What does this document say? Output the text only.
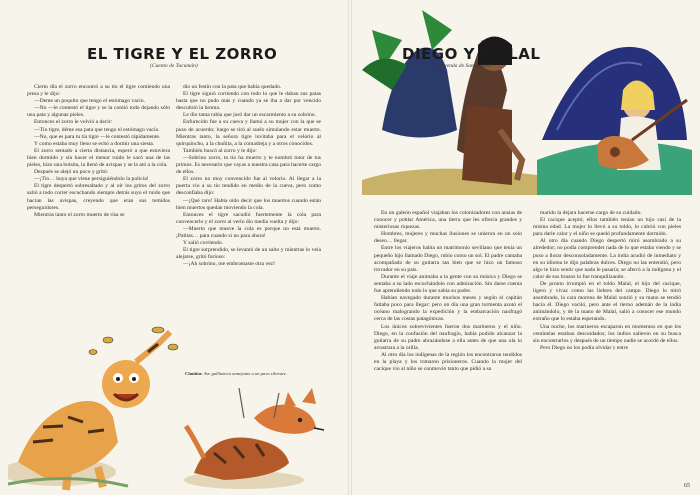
EL TIGRE Y EL ZORRO
(Cuento de Tucumán)

Cierto día el zorro encontró a su tío el tigre comiendo una presa y le dijo:

—Deme un poquito que tengo el estómago vacío.

—No —le contestó el tigre y se la comió todo dejando sólo una pata y algunas pieles.

Entonces el zorro le volvió a decir:

—Tío tigre, déme esa pata que tengo el estómago vacío.

—No, que es para tu tía tigre —le contestó rápidamente.

Y como estaba muy lleno se echó a dormir una siesta.

El zorro sentado a cierta distancia, esperó a que estuviera bien dormido y sin hacer el menor ruido le sacó una de las pieles, hizo una bolsita, la llenó de avispas y se la ató a la cola.

Después se alejó un poco y gritó:

—¡Tío… huya que viene persiguiéndolo la policía!

El tigre despertó sobresaltado y al oír los gritos del zorro salió a todo correr escuchando siempre detrás suyo el ruido que hacían las avispas, creyendo que eran sus temidos perseguidores.

Mientras tanto el zorro muerto de risa se

dio un festín con la pata que había quedado.

El tigre siguió corriendo con todo lo que le daban sus patas hasta que no pudo más y cuando ya se iba a dar por vencido descubrió la broma.

Le dio tanta rabia que juró dar un escarmiento a su sobrino.

Enfurecido fue a su cueva y llamó a su mujer con la que se puso de acuerdo; luego se tiró al suelo simulando estar muerto. Mientras tanto, la señora tigre invitaba para el velorio al quirquincho, a la chuñita, a la comadreja y a otros conocidos.

También buscó al zorro y le dijo:

—Sobrino zorro, tu tío ha muerto y te nombró tutor de tus primos. Es necesario que vayas a nuestra casa para hacerte cargo de ellos.

El zorro no muy convencido fue al velorio. Al llegar a la puerta vio a su tío tendido en medio de la cueva, pero como desconfiaba dijo:

—¡Qué raro! Había oído decir que los muertos cuando están bien muertos quedan moviendo la cola.

Entonces el tigre sacudió fuertemente la cola para convencerlo y el zorro al verlo dio media vuelta y dijo:

—Muerto que mueve la cola es porque no está muerto. ¡Patitas… para cuando si no para ahora!

Y salió corriendo.

El tigre sorprendido, se levantó de un salto y mientras lo veía alejarse, gritó furioso:

—¡Ah sobrino, me embromaste otra vez!

Chuñita: Ave gallinácea semejante a un pavo silvestre.

DIEGO Y MALAL
(Leyenda de Santa Cruz)

En un galeón español viajaban los colonizadores con ansias de conocer y poblar América, una tierra que les ofrecía grandes y misteriosas riquezas.

Hombres, mujeres y muchas ilusiones se unieron en un solo deseo… llegar.

Entre los viajeros había un matrimonio sevillano que tenía un pequeño hijo llamado Diego, rubio como un sol. El padre cantaba acompañado de su guitarra tan bien que se hizo un famoso trovador en su país.

Durante el viaje animaba a la gente con su música y Diego se sentaba a su lado escuchándolo con admiración. Sin darse cuenta fue aprendiendo todo lo que sabía su padre.

Habían navegado durante muchos meses y según el capitán faltaba poco para llegar: pero un día una gran tormenta azotó el océano malogrando la expedición y la embarcación naufragó cerca de las costas patagónicas.

Los únicos sobrevivientes fueron dos marineros y el niño. Diego, en la confusión del naufragio, había podido alcanzar la guitarra de su padre abrazándose a ella antes de que una ola lo arrastrara a la orilla.

Al otro día los indígenas de la región los encontraron tendidos en la playa y los tomaron prisioneros. Cuando la mujer del cacique vio al niño se conmovió tanto que pidió a su

marido la dejara hacerse cargo de su cuidado.

El cacique aceptó; ellos también tenían un hijo casi de la misma edad. La mujer lo llevó a su toldo, lo cubrió con pieles para darle calor y el niño se quedó profundamente dormido.

Al otro día cuando Diego despertó miró asombrado a su alrededor; no podía comprender nada de lo que estaba viendo y se puso a llorar desconsoladamente. La india acudió de inmediato y en su idioma le dijo palabras dulces. Diego no las entendió, pero algo le hizo sentir que nada le pasaría; se aferró a la indígena y el calor de sus brazos lo fue tranquilizando.

De pronto irrumpió en el toldo Malal, el hijo del cacique, ligero y vivaz como las liebres del campo. Diego lo miró asombrado, la cara morena de Malal sonrió y su mano se tendió hacia él. Diego vaciló, pero ante el tierno ademán de la india animándolo, y de la mano de Malal, salió a conocer ese mundo extraño que lo estaba esperando.

Una noche, los marineros escaparon en momentos en que los centinelas estaban descuidados; los indios salieron en su busca sin encontrarlos y después de un tiempo nadie se acordó de ellos.

Pero Diego no los podía olvidar y entre

65
